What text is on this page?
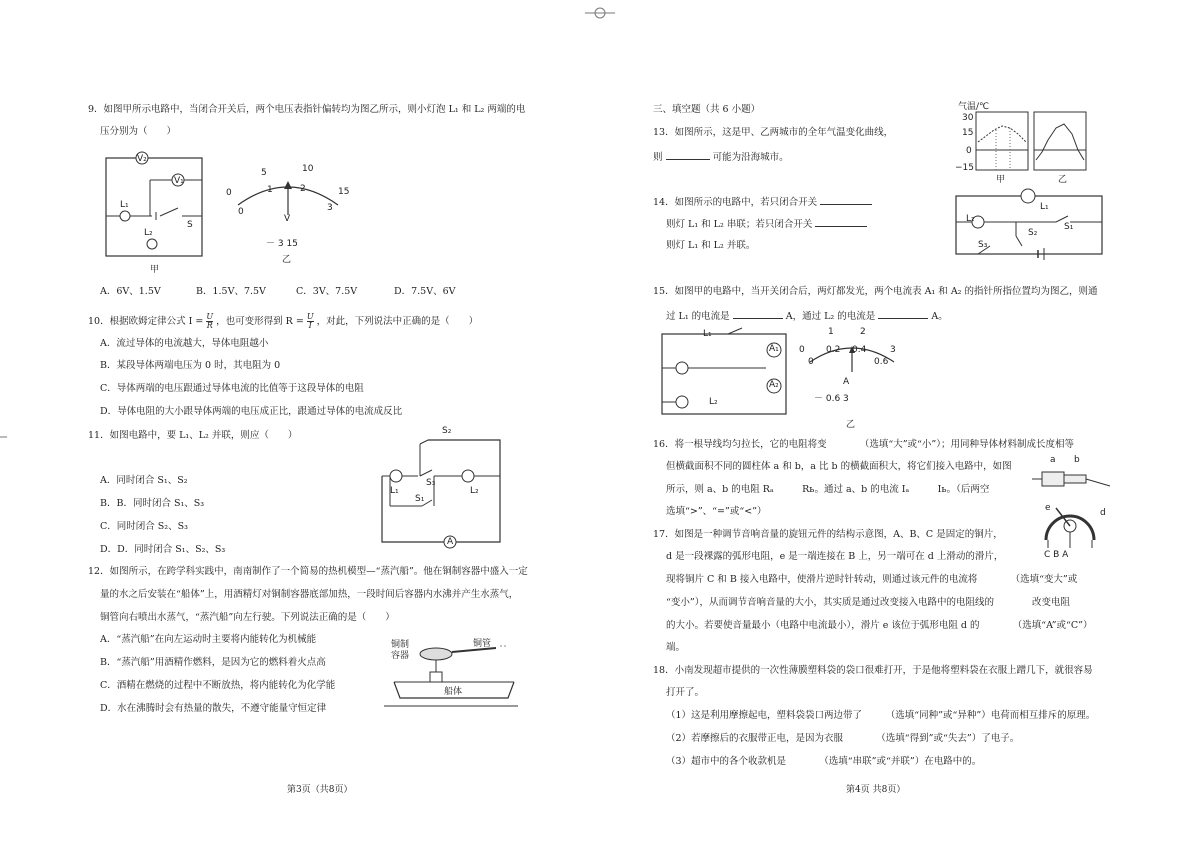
9．如图甲所示电路中，当闭合开关后，两个电压表指针偏转均为图乙所示，则小灯泡 L₁ 和 L₂ 两端的电
压分别为（　　）
V₂
V₁
L₁
S
L₂
甲
0
5	10
15
0
1	2
3
V
－ 3 15
乙
A．6V、1.5V	B．1.5V、7.5V	C．3V、7.5V	D．7.5V、6V
10．根据欧姆定律公式 $I = \frac{U}{R}$ ，也可变形得到 $R = \frac{U}{I}$ ，对此，下列说法中正确的是（　　）
A．流过导体的电流越大，导体电阻越小
B．某段导体两端电压为 0 时，其电阻为 0
C．导体两端的电压跟通过导体电流的比值等于这段导体的电阻
D．导体电阻的大小跟导体两端的电压成正比，跟通过导体的电流成反比
11．如图电路中，要 L₁、L₂ 并联，则应（　　）
A．同时闭合 S₁、S₂
B．B．同时闭合 S₁、S₃
C．同时闭合 S₂、S₃
D．D．同时闭合 S₁、S₂、S₃
S₂
L₁
S₃
S₁
L₂
A
12．如图所示，在跨学科实践中，南南制作了一个简易的热机模型—“蒸汽船”。他在铜制容器中盛入一定
量的水之后安装在“船体”上，用酒精灯对铜制容器底部加热，一段时间后容器内水沸并产生水蒸气，
铜管向右喷出水蒸气，“蒸汽船”向左行驶。下列说法正确的是（　　）
A．“蒸汽船”在向左运动时主要将内能转化为机械能
B．“蒸汽船”用酒精作燃料，是因为它的燃料着火点高
C．酒精在燃烧的过程中不断放热，将内能转化为化学能
D．水在沸腾时会有热量的散失，不遵守能量守恒定律
铜管
铜制
容器
船体
第3页（共8页）
三、填空题（共 6 小题）
13．如图所示，这是甲、乙两城市的全年气温变化曲线，
则	可能为沿海城市。
气温/℃
30
15
0
−15
甲	乙
14．如图所示的电路中，若只闭合开关
则灯 L₁ 和 L₂ 串联；若只闭合开关
则灯 L₁ 和 L₂ 并联。
L₁
L₂
S₂
S₁
S₃
15．如图甲的电路中，当开关闭合后，两灯都发光，两个电流表 A₁ 和 A₂ 的指针所指位置均为图乙，则通
过 L₁ 的电流是	A，通过 L₂ 的电流是	A。
L₁
L₂
A₁
A₂
1	2
0	3
0
0.2 0.4
0.6
A
－ 0.6 3
乙
16．将一根导线均匀拉长，它的电阻将变　　　　（选填“大”或“小”）；用同种导体材料制成长度相等
但横截面积不同的圆柱体 a 和 b，a 比 b 的横截面积大，将它们接入电路中，如图
所示，则 a、b 的电阻 Rₐ　　　Rь。通过 a、b 的电流 Iₐ　　　Iь。（后两空
选填“>”、“=”或“<”）
a b
17．如图是一种调节音响音量的旋钮元件的结构示意图，A、B、C 是固定的铜片，
d 是一段裸露的弧形电阻，e 是一端连接在 B 上，另一端可在 d 上滑动的滑片，
现将铜片 C 和 B 接入电路中，使滑片逆时针转动，则通过该元件的电流将　　　　（选填“变大”或
“变小”），从而调节音响音量的大小，其实质是通过改变接入电路中的电阻线的　　　　改变电阻
的大小。若要使音量最小（电路中电流最小），滑片 e 该位于弧形电阻 d 的　　　　（选填“A”或“C”）
端。
e	d
C B A
18．小南发现超市提供的一次性薄膜塑料袋的袋口很难打开，于是他将塑料袋在衣服上蹭几下，就很容易
打开了。
（1）这是利用摩擦起电，塑料袋袋口两边带了　　　（选填“同种”或“异种”）电荷而相互排斥的原理。
（2）若摩擦后的衣服带正电，是因为衣服　　　　（选填“得到”或“失去”）了电子。
（3）超市中的各个收款机是　　　　（选填“串联”或“并联”）在电路中的。
第4页 共8页）
